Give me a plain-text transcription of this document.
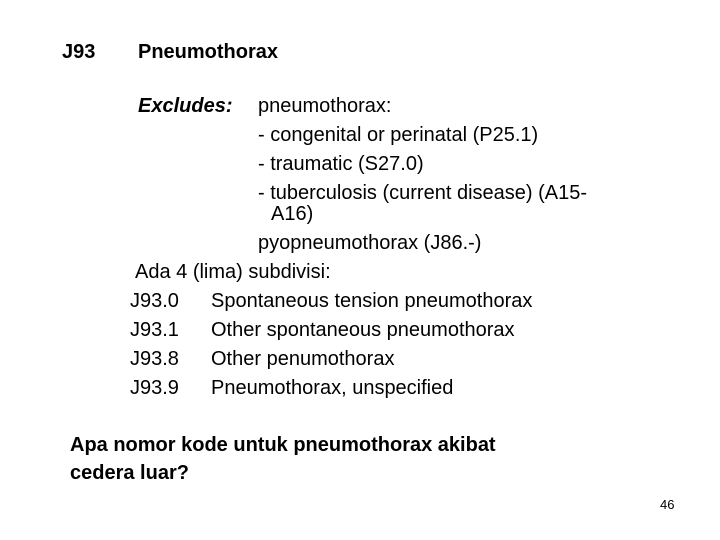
J93 Pneumothorax
Excludes: pneumothorax:
- congenital or perinatal (P25.1)
- traumatic (S27.0)
- tuberculosis (current disease) (A15-
A16)
pyopneumothorax (J86.-)
Ada 4 (lima) subdivisi:
J93.0 Spontaneous tension pneumothorax
J93.1 Other spontaneous pneumothorax
J93.8 Other penumothorax
J93.9 Pneumothorax, unspecified
Apa nomor kode untuk pneumothorax akibat
cedera luar?
46
